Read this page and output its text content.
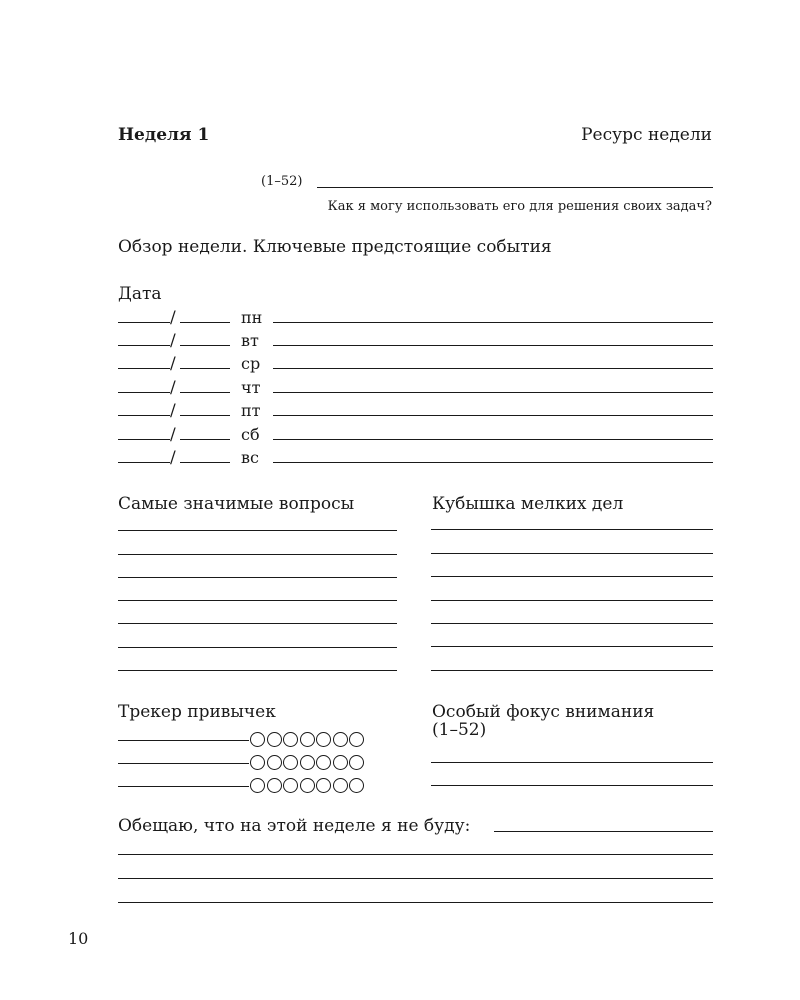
Неделя 1	Ресурс недели
(1–52)
Как я могу использовать его для решения своих задач?
Обзор недели. Ключевые предстоящие события
Дата
/	пн
/	вт
/	ср
/	чт
/	пт
/	сб
/	вс
Самые значимые вопросы	Кубышка мелких дел
Трекер привычек	Особый фокус внимания
(1–52)
Обещаю, что на этой неделе я не буду:
10
